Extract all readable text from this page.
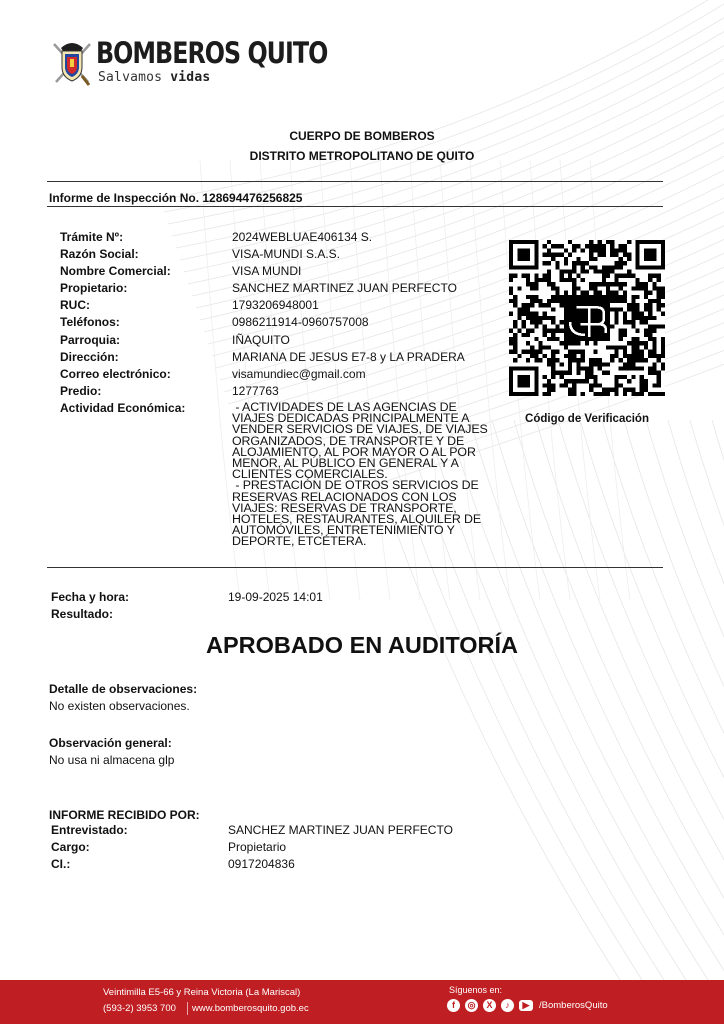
BOMBEROS QUITO
Salvamos vidas
CUERPO DE BOMBEROS
DISTRITO METROPOLITANO DE QUITO
Informe de Inspección No. 128694476256825
Trámite Nº:	2024WEBLUAE406134 S.
Razón Social:	VISA-MUNDI S.A.S.
Nombre Comercial:	VISA MUNDI
Propietario:	SANCHEZ MARTINEZ JUAN PERFECTO
RUC:	1793206948001
Teléfonos:	0986211914-0960757008
Parroquia:	IÑAQUITO
Dirección:	MARIANA DE JESUS E7-8 y LA PRADERA
Correo electrónico:	visamundiec@gmail.com
Predio:	1277763
Actividad Económica:	- ACTIVIDADES DE LAS AGENCIAS DE
VIAJES DEDICADAS PRINCIPALMENTE A
VENDER SERVICIOS DE VIAJES, DE VIAJES
ORGANIZADOS, DE TRANSPORTE Y DE
ALOJAMIENTO, AL POR MAYOR O AL POR
MENOR, AL PÚBLICO EN GENERAL Y A
CLIENTES COMERCIALES.
- PRESTACIÓN DE OTROS SERVICIOS DE
RESERVAS RELACIONADOS CON LOS
VIAJES: RESERVAS DE TRANSPORTE,
HOTELES, RESTAURANTES, ALQUILER DE
AUTOMÓVILES, ENTRETENIMIENTO Y
DEPORTE, ETCÉTERA.
Código de Verificación
Fecha y hora:	19-09-2025 14:01
Resultado:
APROBADO EN AUDITORÍA
Detalle de observaciones:
No existen observaciones.
Observación general:
No usa ni almacena glp
INFORME RECIBIDO POR:
Entrevistado:	SANCHEZ MARTINEZ JUAN PERFECTO
Cargo:	Propietario
CI.:	0917204836
Veintimilla E5-66 y Reina Victoria (La Mariscal)
(593-2) 3953 700 www.bomberosquito.gob.ec
Síguenos en:
f	◎	X	♪	▶	/BomberosQuito
